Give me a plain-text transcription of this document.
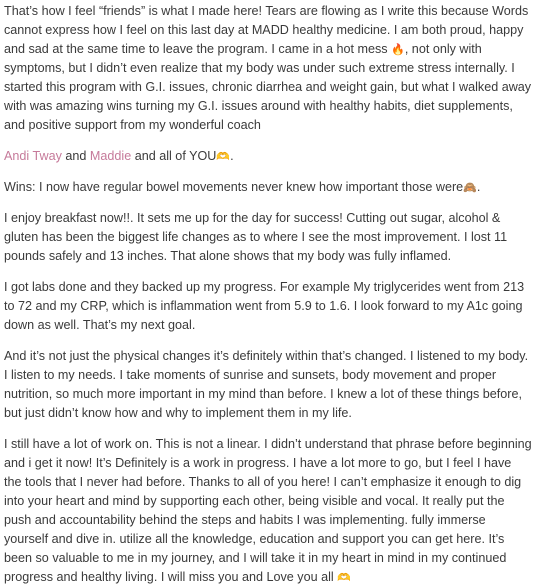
That’s how I feel “friends” is what I made here! Tears are flowing as I write this because Words cannot express how I feel on this last day at MADD healthy medicine. I am both proud, happy and sad at the same time to leave the program. I came in a hot mess 🔥, not only with symptoms, but I didn’t even realize that my body was under such extreme stress internally. I started this program with G.I. issues, chronic diarrhea and weight gain, but what I walked away with was amazing wins turning my G.I. issues around with healthy habits, diet supplements, and positive support from my wonderful coach

Andi Tway and Maddie and all of YOU🫶.

Wins: I now have regular bowel movements never knew how important those were🙈.

I enjoy breakfast now!!. It sets me up for the day for success! Cutting out sugar, alcohol & gluten has been the biggest life changes as to where I see the most improvement. I lost 11 pounds safely and 13 inches. That alone shows that my body was fully inflamed.

I got labs done and they backed up my progress. For example My triglycerides went from 213 to 72 and my CRP, which is inflammation went from 5.9 to 1.6. I look forward to my A1c going down as well. That’s my next goal.

And it’s not just the physical changes it’s definitely within that’s changed. I listened to my body. I listen to my needs. I take moments of sunrise and sunsets, body movement and proper nutrition, so much more important in my mind than before. I knew a lot of these things before, but just didn’t know how and why to implement them in my life.

I still have a lot of work on. This is not a linear. I didn’t understand that phrase before beginning and i get it now! It’s Definitely is a work in progress. I have a lot more to go, but I feel I have the tools that I never had before. Thanks to all of you here! I can’t emphasize it enough to dig into your heart and mind by supporting each other, being visible and vocal. It really put the push and accountability behind the steps and habits I was implementing. fully immerse yourself and dive in. utilize all the knowledge, education and support you can get here. It’s been so valuable to me in my journey, and I will take it in my heart in mind in my continued progress and healthy living. I will miss you and Love you all 🫶
